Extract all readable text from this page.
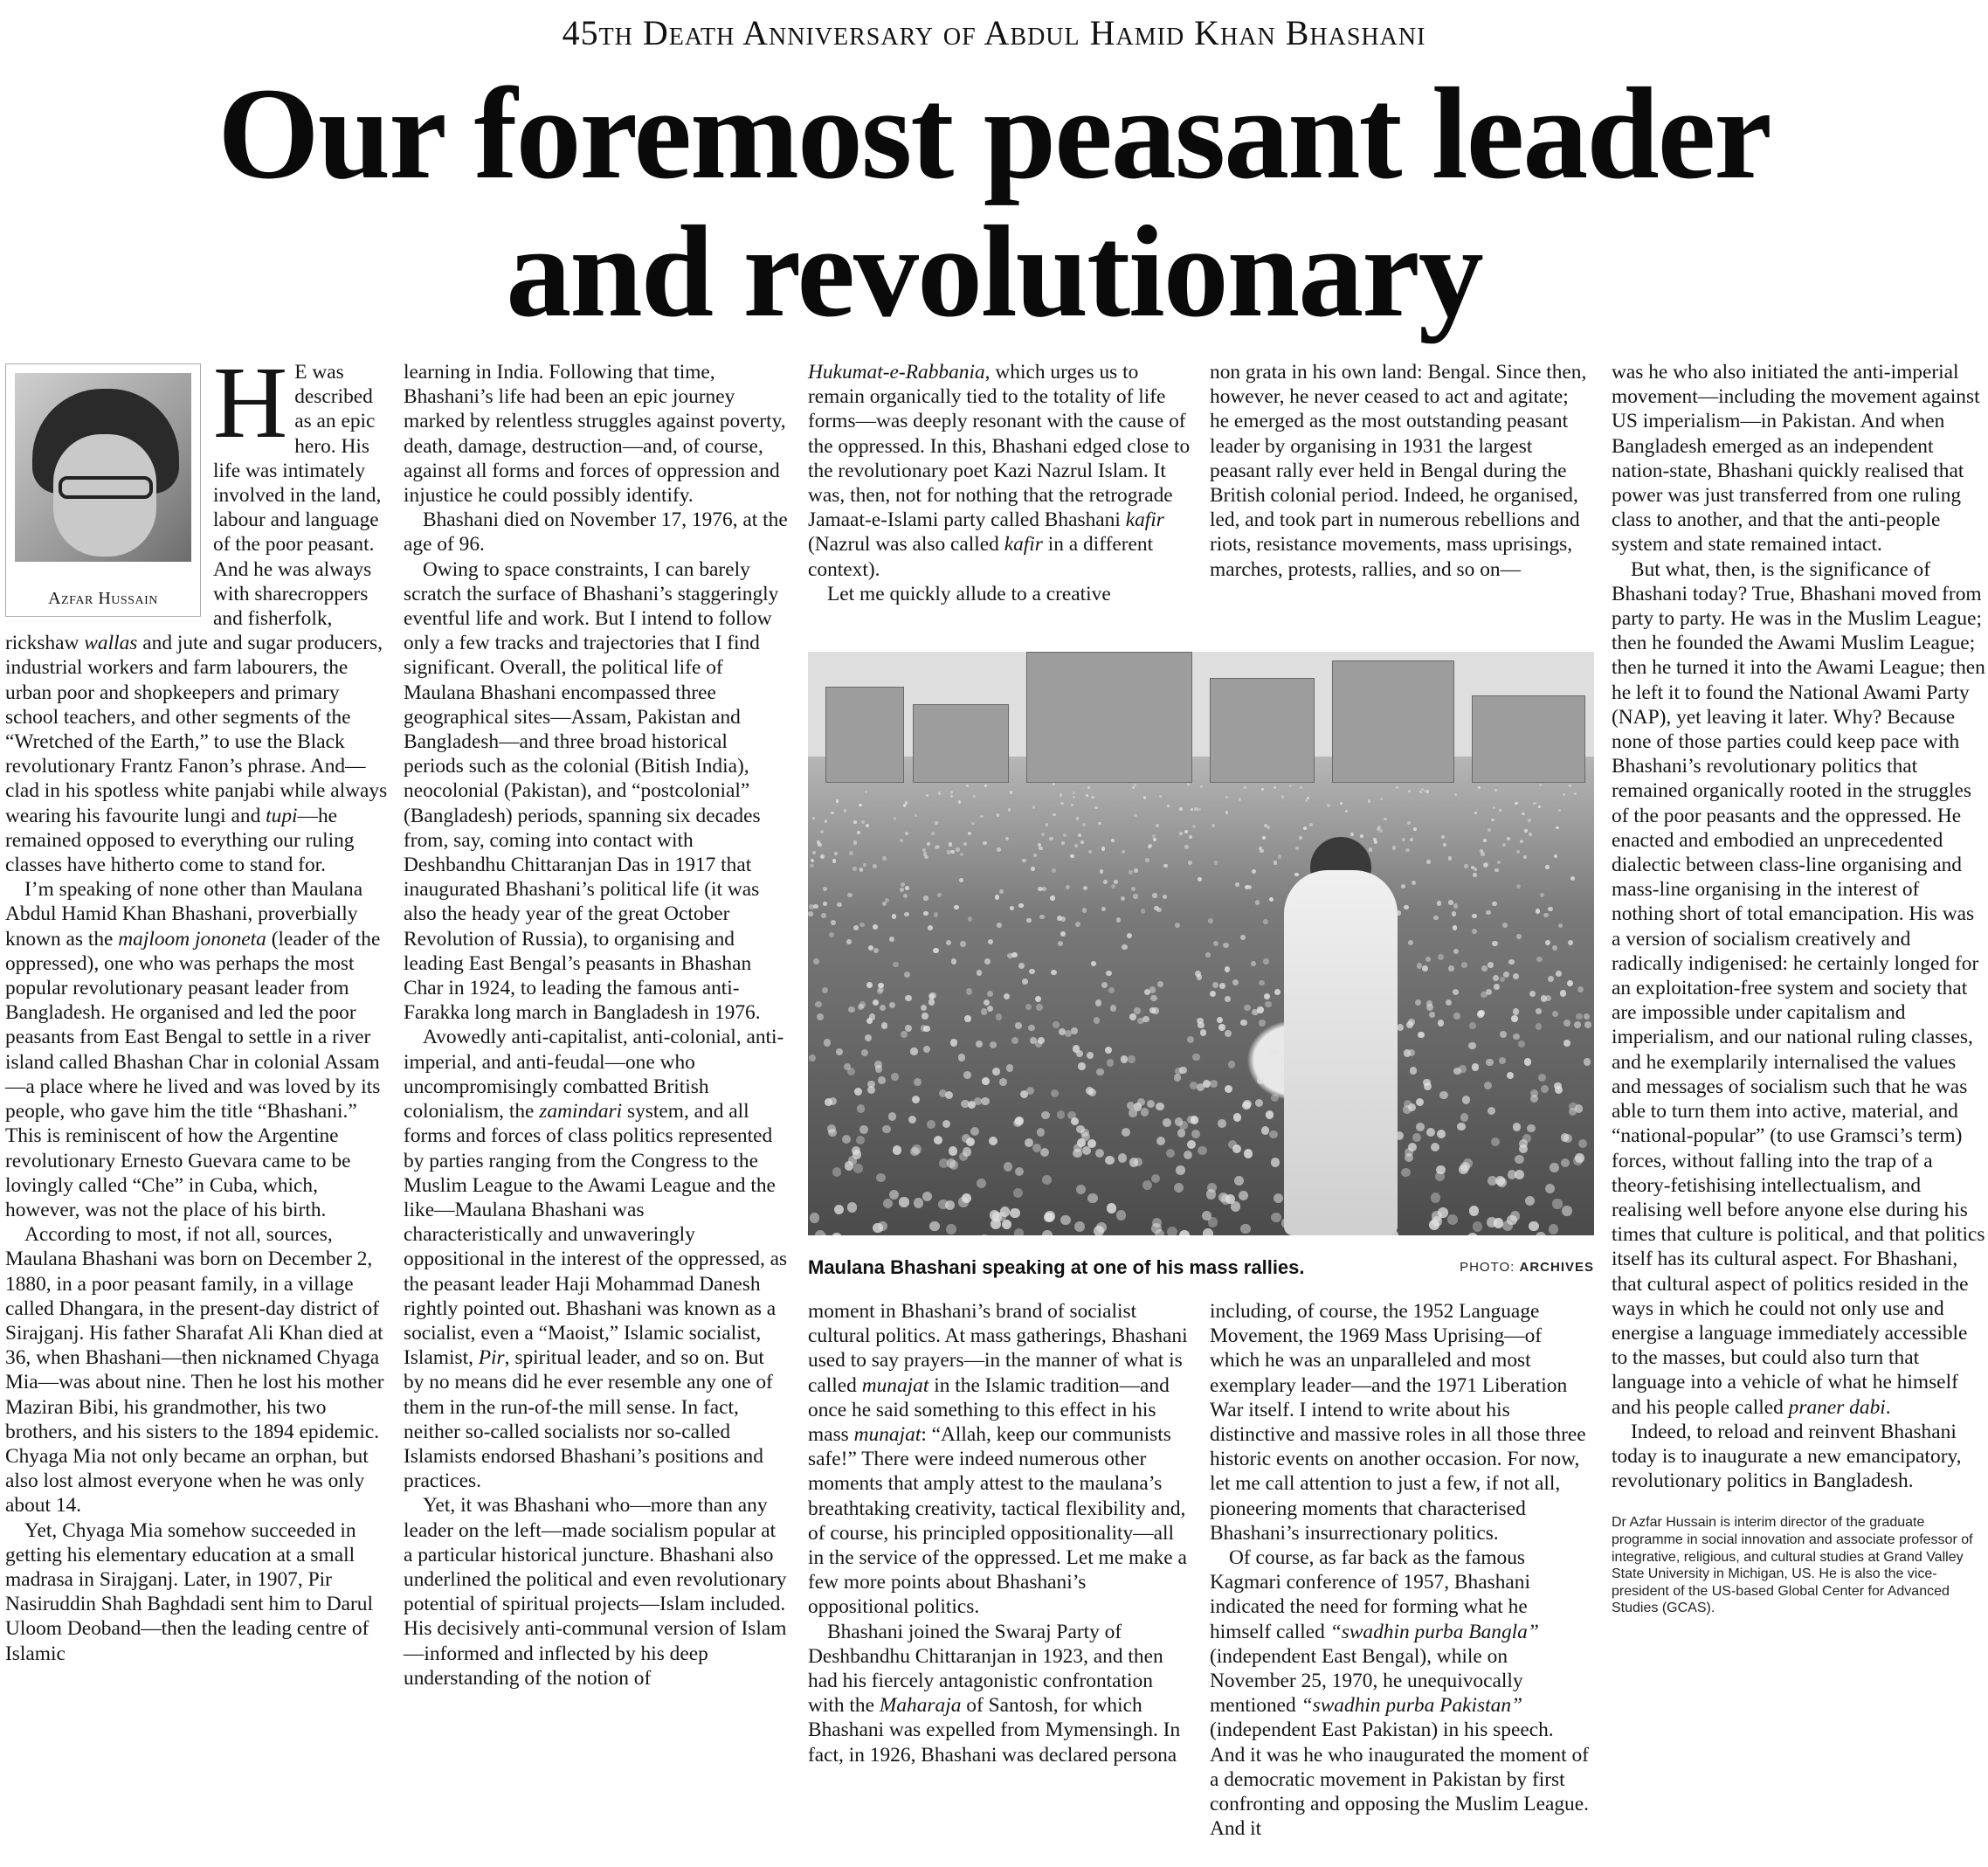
45th Death Anniversary of Abdul Hamid Khan Bhashani
Our foremost peasant leader
and revolutionary
Azfar Hussain

H E was described as an epic hero. His life was intimately involved in the land, labour and language of the poor peasant. And he was always with sharecroppers and fisherfolk, rickshaw wallas and jute and sugar producers, industrial workers and farm labourers, the urban poor and shopkeepers and primary school teachers, and other segments of the “Wretched of the Earth,” to use the Black revolutionary Frantz Fanon’s phrase. And—clad in his spotless white panjabi while always wearing his favourite lungi and tupi—he remained opposed to everything our ruling classes have hitherto come to stand for.

I’m speaking of none other than Maulana Abdul Hamid Khan Bhashani, proverbially known as the majloom jononeta (leader of the oppressed), one who was perhaps the most popular revolutionary peasant leader from Bangladesh. He organised and led the poor peasants from East Bengal to settle in a river island called Bhashan Char in colonial Assam—a place where he lived and was loved by its people, who gave him the title “Bhashani.” This is reminiscent of how the Argentine revolutionary Ernesto Guevara came to be lovingly called “Che” in Cuba, which, however, was not the place of his birth.

According to most, if not all, sources, Maulana Bhashani was born on December 2, 1880, in a poor peasant family, in a village called Dhangara, in the present-day district of Sirajganj. His father Sharafat Ali Khan died at 36, when Bhashani—then nicknamed Chyaga Mia—was about nine. Then he lost his mother Maziran Bibi, his grandmother, his two brothers, and his sisters to the 1894 epidemic. Chyaga Mia not only became an orphan, but also lost almost everyone when he was only about 14.

Yet, Chyaga Mia somehow succeeded in getting his elementary education at a small madrasa in Sirajganj. Later, in 1907, Pir Nasiruddin Shah Baghdadi sent him to Darul Uloom Deoband—then the leading centre of Islamic

learning in India. Following that time, Bhashani’s life had been an epic journey marked by relentless struggles against poverty, death, damage, destruction—and, of course, against all forms and forces of oppression and injustice he could possibly identify.

Bhashani died on November 17, 1976, at the age of 96.

Owing to space constraints, I can barely scratch the surface of Bhashani’s staggeringly eventful life and work. But I intend to follow only a few tracks and trajectories that I find significant. Overall, the political life of Maulana Bhashani encompassed three geographical sites—Assam, Pakistan and Bangladesh—and three broad historical periods such as the colonial (Bitish India), neocolonial (Pakistan), and “postcolonial” (Bangladesh) periods, spanning six decades from, say, coming into contact with Deshbandhu Chittaranjan Das in 1917 that inaugurated Bhashani’s political life (it was also the heady year of the great October Revolution of Russia), to organising and leading East Bengal’s peasants in Bhashan Char in 1924, to leading the famous anti-Farakka long march in Bangladesh in 1976.

Avowedly anti-capitalist, anti-colonial, anti-imperial, and anti-feudal—one who uncompromisingly combatted British colonialism, the zamindari system, and all forms and forces of class politics represented by parties ranging from the Congress to the Muslim League to the Awami League and the like—Maulana Bhashani was characteristically and unwaveringly oppositional in the interest of the oppressed, as the peasant leader Haji Mohammad Danesh rightly pointed out. Bhashani was known as a socialist, even a “Maoist,” Islamic socialist, Islamist, Pir, spiritual leader, and so on. But by no means did he ever resemble any one of them in the run-of-the mill sense. In fact, neither so-called socialists nor so-called Islamists endorsed Bhashani’s positions and practices.

Yet, it was Bhashani who—more than any leader on the left—made socialism popular at a particular historical juncture. Bhashani also underlined the political and even revolutionary potential of spiritual projects—Islam included. His decisively anti-communal version of Islam—informed and inflected by his deep understanding of the notion of

Hukumat-e-Rabbania, which urges us to remain organically tied to the totality of life forms—was deeply resonant with the cause of the oppressed. In this, Bhashani edged close to the revolutionary poet Kazi Nazrul Islam. It was, then, not for nothing that the retrograde Jamaat-e-Islami party called Bhashani kafir (Nazrul was also called kafir in a different context).

Let me quickly allude to a creative

non grata in his own land: Bengal. Since then, however, he never ceased to act and agitate; he emerged as the most outstanding peasant leader by organising in 1931 the largest peasant rally ever held in Bengal during the British colonial period. Indeed, he organised, led, and took part in numerous rebellions and riots, resistance movements, mass uprisings, marches, protests, rallies, and so on—

Maulana Bhashani speaking at one of his mass rallies.	PHOTO: ARCHIVES

moment in Bhashani’s brand of socialist cultural politics. At mass gatherings, Bhashani used to say prayers—in the manner of what is called munajat in the Islamic tradition—and once he said something to this effect in his mass munajat: “Allah, keep our communists safe!” There were indeed numerous other moments that amply attest to the maulana’s breathtaking creativity, tactical flexibility and, of course, his principled oppositionality—all in the service of the oppressed. Let me make a few more points about Bhashani’s oppositional politics.

Bhashani joined the Swaraj Party of Deshbandhu Chittaranjan in 1923, and then had his fiercely antagonistic confrontation with the Maharaja of Santosh, for which Bhashani was expelled from Mymensingh. In fact, in 1926, Bhashani was declared persona

including, of course, the 1952 Language Movement, the 1969 Mass Uprising—of which he was an unparalleled and most exemplary leader—and the 1971 Liberation War itself. I intend to write about his distinctive and massive roles in all those three historic events on another occasion. For now, let me call attention to just a few, if not all, pioneering moments that characterised Bhashani’s insurrectionary politics.

Of course, as far back as the famous Kagmari conference of 1957, Bhashani indicated the need for forming what he himself called “swadhin purba Bangla” (independent East Bengal), while on November 25, 1970, he unequivocally mentioned “swadhin purba Pakistan” (independent East Pakistan) in his speech. And it was he who inaugurated the moment of a democratic movement in Pakistan by first confronting and opposing the Muslim League. And it

was he who also initiated the anti-imperial movement—including the movement against US imperialism—in Pakistan. And when Bangladesh emerged as an independent nation-state, Bhashani quickly realised that power was just transferred from one ruling class to another, and that the anti-people system and state remained intact.

But what, then, is the significance of Bhashani today? True, Bhashani moved from party to party. He was in the Muslim League; then he founded the Awami Muslim League; then he turned it into the Awami League; then he left it to found the National Awami Party (NAP), yet leaving it later. Why? Because none of those parties could keep pace with Bhashani’s revolutionary politics that remained organically rooted in the struggles of the poor peasants and the oppressed. He enacted and embodied an unprecedented dialectic between class-line organising and mass-line organising in the interest of nothing short of total emancipation. His was a version of socialism creatively and radically indigenised: he certainly longed for an exploitation-free system and society that are impossible under capitalism and imperialism, and our national ruling classes, and he exemplarily internalised the values and messages of socialism such that he was able to turn them into active, material, and “national-popular” (to use Gramsci’s term) forces, without falling into the trap of a theory-fetishising intellectualism, and realising well before anyone else during his times that culture is political, and that politics itself has its cultural aspect. For Bhashani, that cultural aspect of politics resided in the ways in which he could not only use and energise a language immediately accessible to the masses, but could also turn that language into a vehicle of what he himself and his people called praner dabi.

Indeed, to reload and reinvent Bhashani today is to inaugurate a new emancipatory, revolutionary politics in Bangladesh.

Dr Azfar Hussain is interim director of the graduate programme in social innovation and associate professor of integrative, religious, and cultural studies at Grand Valley State University in Michigan, US. He is also the vice-president of the US-based Global Center for Advanced Studies (GCAS).
